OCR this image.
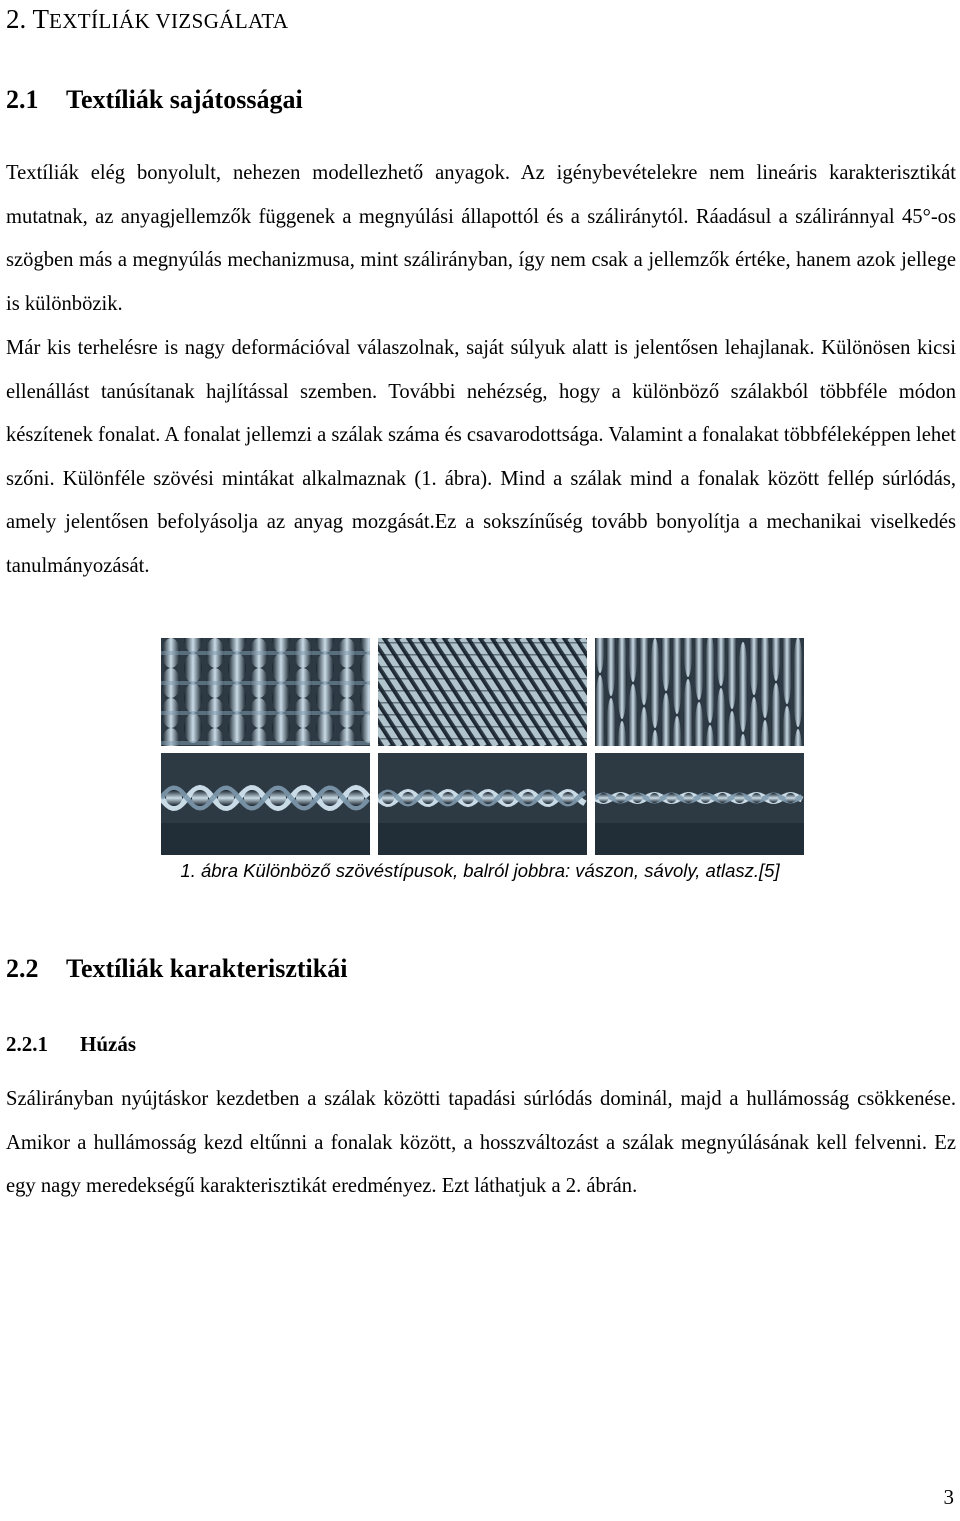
2. TEXTÍLIÁK VIZSGÁLATA
2.1 Textíliák sajátosságai

Textíliák elég bonyolult, nehezen modellezhető anyagok. Az igénybevételekre nem lineáris karakterisztikát mutatnak, az anyagjellemzők függenek a megnyúlási állapottól és a száliránytól. Ráadásul a száliránnyal 45°-os szögben más a megnyúlás mechanizmusa, mint szálirányban, így nem csak a jellemzők értéke, hanem azok jellege is különbözik.

Már kis terhelésre is nagy deformációval válaszolnak, saját súlyuk alatt is jelentősen lehajlanak. Különösen kicsi ellenállást tanúsítanak hajlítással szemben. További nehézség, hogy a különböző szálakból többféle módon készítenek fonalat. A fonalat jellemzi a szálak száma és csavarodottsága. Valamint a fonalakat többféleképpen lehet szőni. Különféle szövési mintákat alkalmaznak (1. ábra). Mind a szálak mind a fonalak között fellép súrlódás, amely jelentősen befolyásolja az anyag mozgását.Ez a sokszínűség tovább bonyolítja a mechanikai viselkedés tanulmányozását.

1. ábra Különböző szövéstípusok, balról jobbra: vászon, sávoly, atlasz.[5]
2.2 Textíliák karakterisztikái
2.2.1 Húzás

Szálirányban nyújtáskor kezdetben a szálak közötti tapadási súrlódás dominál, majd a hullámosság csökkenése. Amikor a hullámosság kezd eltűnni a fonalak között, a hosszváltozást a szálak megnyúlásának kell felvenni. Ez egy nagy meredekségű karakterisztikát eredményez. Ezt láthatjuk a 2. ábrán.

3
